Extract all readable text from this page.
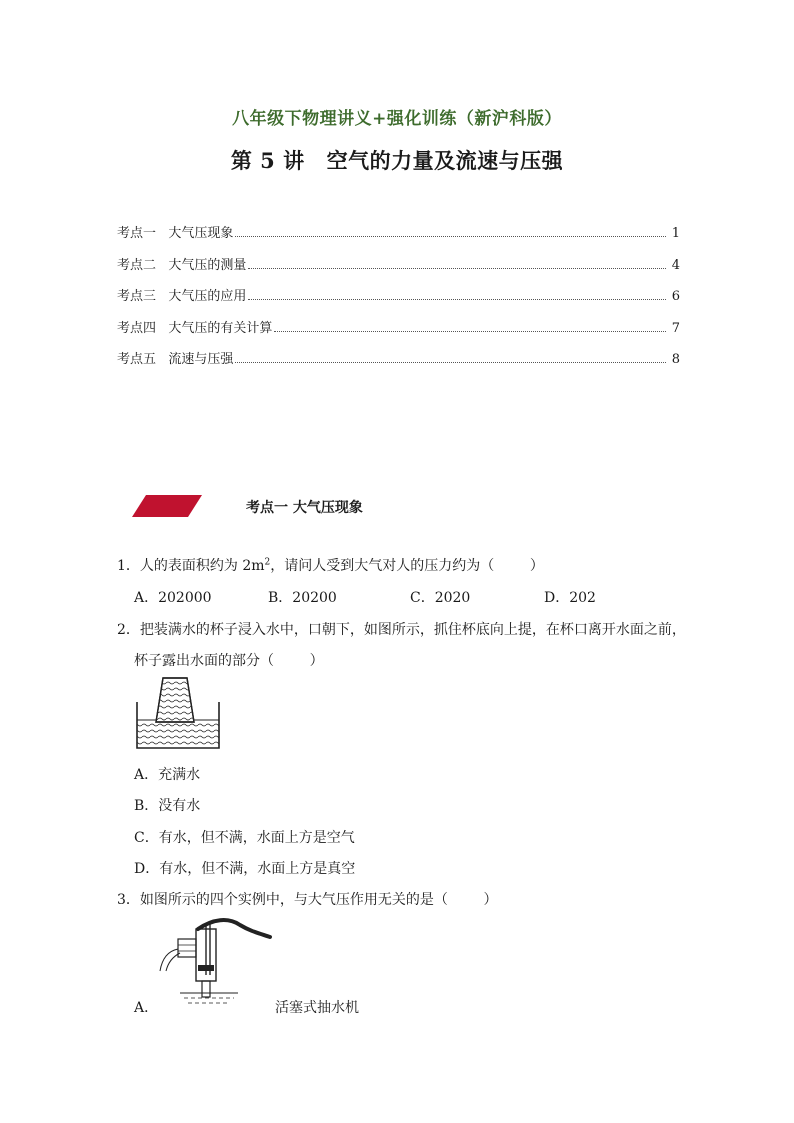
八年级下物理讲义+强化训练（新沪科版）
第 5 讲 空气的力量及流速与压强
考点一   大气压现象	1
考点二   大气压的测量	4
考点三   大气压的应用	6
考点四   大气压的有关计算	7
考点五   流速与压强	8
考点一 大气压现象
1．人的表面积约为 $2m^2$，请问人受到大气对人的压力约为（        ）
A．202000	B．20200	C．2020	D．202
2．把装满水的杯子浸入水中，口朝下，如图所示，抓住杯底向上提，在杯口离开水面之前，
杯子露出水面的部分（        ）
A．充满水
B．没有水
C．有水，但不满，水面上方是空气
D．有水，但不满，水面上方是真空
3．如图所示的四个实例中，与大气压作用无关的是（        ）
A．	活塞式抽水机
